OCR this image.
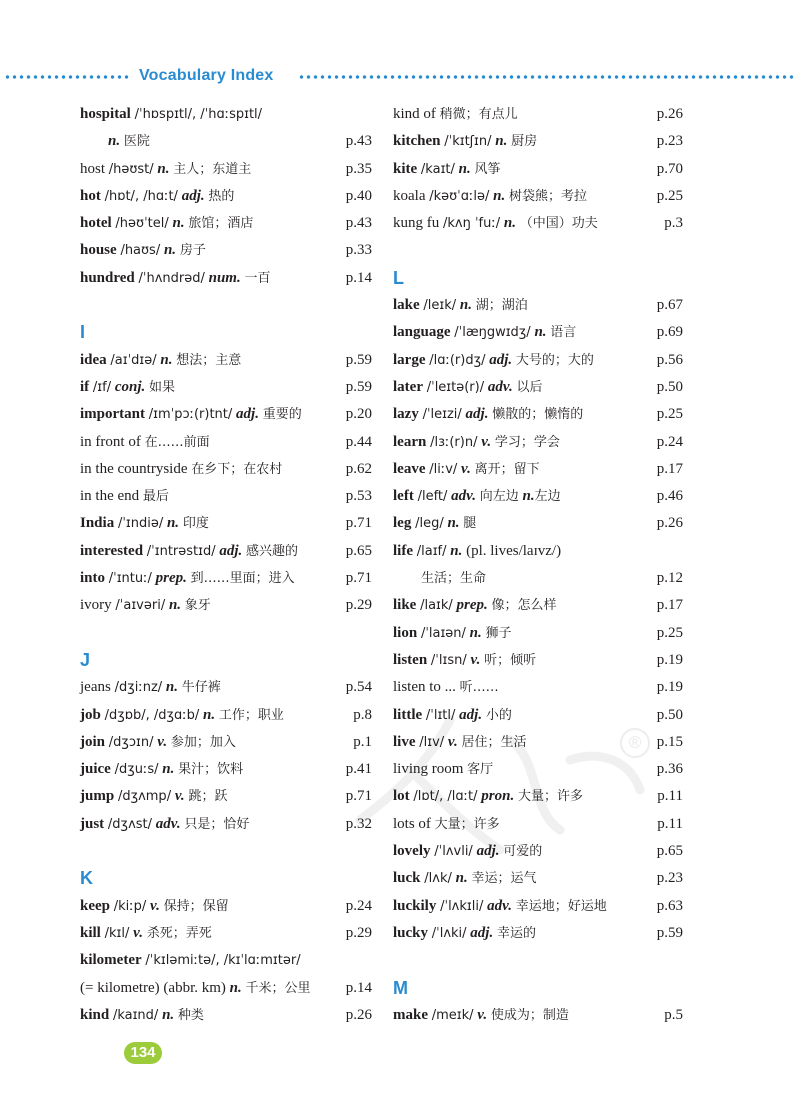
Vocabulary Index
®
hospital /ˈhɒspɪtl/, /ˈhɑːspɪtl/
n. 医院	p.43
host /həʊst/ n. 主人；东道主	p.35
hot /hɒt/, /hɑːt/ adj. 热的	p.40
hotel /həʊˈtel/ n. 旅馆；酒店	p.43
house /haʊs/ n. 房子	p.33
hundred /ˈhʌndrəd/ num. 一百	p.14
I
idea /aɪˈdɪə/ n. 想法；主意	p.59
if /ɪf/ conj. 如果	p.59
important /ɪmˈpɔː(r)tnt/ adj. 重要的	p.20
in front of 在……前面	p.44
in the countryside 在乡下；在农村	p.62
in the end 最后	p.53
India /ˈɪndiə/ n. 印度	p.71
interested /ˈɪntrəstɪd/ adj. 感兴趣的	p.65
into /ˈɪntuː/ prep. 到……里面；进入	p.71
ivory /ˈaɪvəri/ n. 象牙	p.29
J
jeans /dʒiːnz/ n. 牛仔裤	p.54
job /dʒɒb/, /dʒɑːb/ n. 工作；职业	p.8
join /dʒɔɪn/ v. 参加；加入	p.1
juice /dʒuːs/ n. 果汁；饮料	p.41
jump /dʒʌmp/ v. 跳；跃	p.71
just /dʒʌst/ adv. 只是；恰好	p.32
K
keep /kiːp/ v. 保持；保留	p.24
kill /kɪl/ v. 杀死；弄死	p.29
kilometer /ˈkɪləmiːtə/, /kɪˈlɑːmɪtər/
(= kilometre) (abbr. km) n. 千米；公里 p.14
kind /kaɪnd/ n. 种类	p.26
kind of 稍微；有点儿	p.26
kitchen /ˈkɪtʃɪn/ n. 厨房	p.23
kite /kaɪt/ n. 风筝	p.70
koala /kəʊˈɑːlə/ n. 树袋熊；考拉	p.25
kung fu /kʌŋ ˈfuː/ n. （中国）功夫	p.3
L
lake /leɪk/ n. 湖；湖泊	p.67
language /ˈlæŋgwɪdʒ/ n. 语言	p.69
large /lɑː(r)dʒ/ adj. 大号的；大的	p.56
later /ˈleɪtə(r)/ adv. 以后	p.50
lazy /ˈleɪzi/ adj. 懒散的；懒惰的	p.25
learn /lɜː(r)n/ v. 学习；学会	p.24
leave /liːv/ v. 离开；留下	p.17
left /left/ adv. 向左边 n.左边	p.46
leg /leg/ n. 腿	p.26
life /laɪf/ n. (pl. lives/laɪvz/)
生活；生命	p.12
like /laɪk/ prep. 像；怎么样	p.17
lion /ˈlaɪən/ n. 狮子	p.25
listen /ˈlɪsn/ v. 听；倾听	p.19
listen to ... 听……	p.19
little /ˈlɪtl/ adj. 小的	p.50
live /lɪv/ v. 居住；生活	p.15
living room 客厅	p.36
lot /lɒt/, /lɑːt/ pron. 大量；许多	p.11
lots of 大量；许多	p.11
lovely /ˈlʌvli/ adj. 可爱的	p.65
luck /lʌk/ n. 幸运；运气	p.23
luckily /ˈlʌkɪli/ adv. 幸运地；好运地	p.63
lucky /ˈlʌki/ adj. 幸运的	p.59
M
make /meɪk/ v. 使成为；制造	p.5
134
